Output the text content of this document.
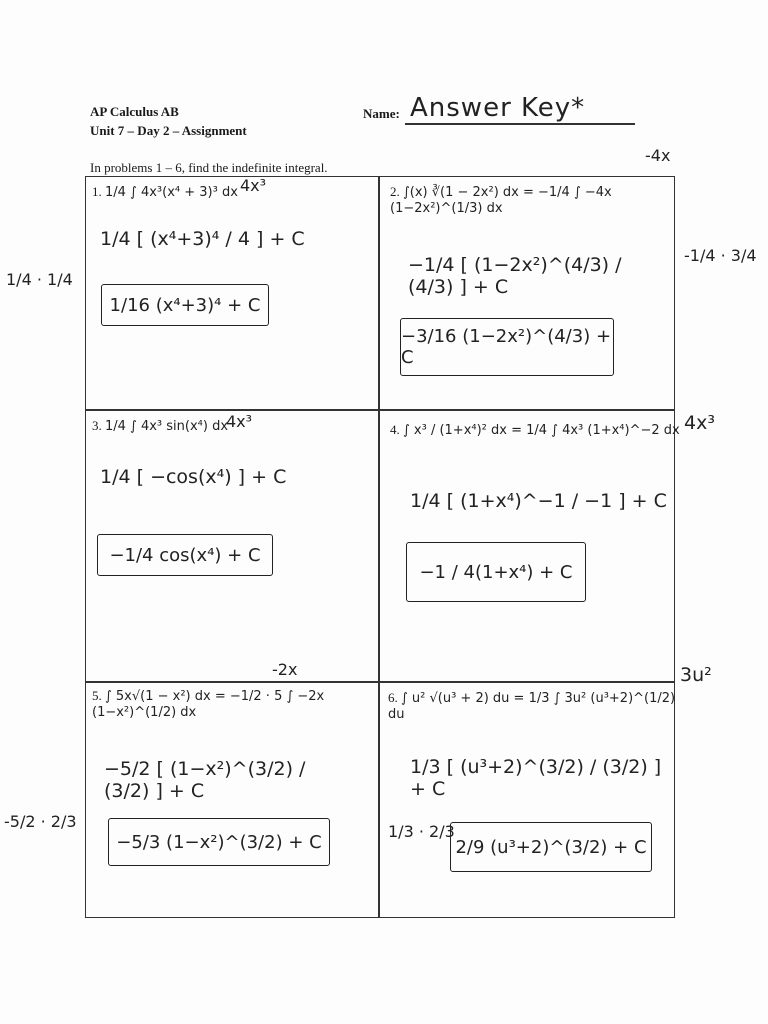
AP Calculus AB
Unit 7 – Day 2 – Assignment
Name: Answer Key*
In problems 1 – 6, find the indefinite integral.
-4x
1/4 · 1/4
-1/4 · 3/4
4x³
3u²
-5/2 · 2/3
1. 1/4 ∫ 4x³(x⁴ + 3)³ dx 4x³
1/4 [ (x⁴+3)⁴ / 4 ] + C
1/16 (x⁴+3)⁴ + C
2. ∫(x) ∛(1 − 2x²) dx = −1/4 ∫ −4x (1−2x²)^(1/3) dx
−1/4 [ (1−2x²)^(4/3) / (4/3) ] + C
−3/16 (1−2x²)^(4/3) + C
3. 1/4 ∫ 4x³ sin(x⁴) dx
4x³
1/4 [ −cos(x⁴) ] + C
−1/4 cos(x⁴) + C
4. ∫ x³ / (1+x⁴)² dx = 1/4 ∫ 4x³ (1+x⁴)^−2 dx
1/4 [ (1+x⁴)^−1 / −1 ] + C
−1 / 4(1+x⁴) + C
5. ∫ 5x√(1 − x²) dx = −1/2 · 5 ∫ −2x (1−x²)^(1/2) dx
-2x
−5/2 [ (1−x²)^(3/2) / (3/2) ] + C
−5/3 (1−x²)^(3/2) + C
6. ∫ u² √(u³ + 2) du = 1/3 ∫ 3u² (u³+2)^(1/2) du
1/3 [ (u³+2)^(3/2) / (3/2) ] + C
1/3 · 2/3
2/9 (u³+2)^(3/2) + C
